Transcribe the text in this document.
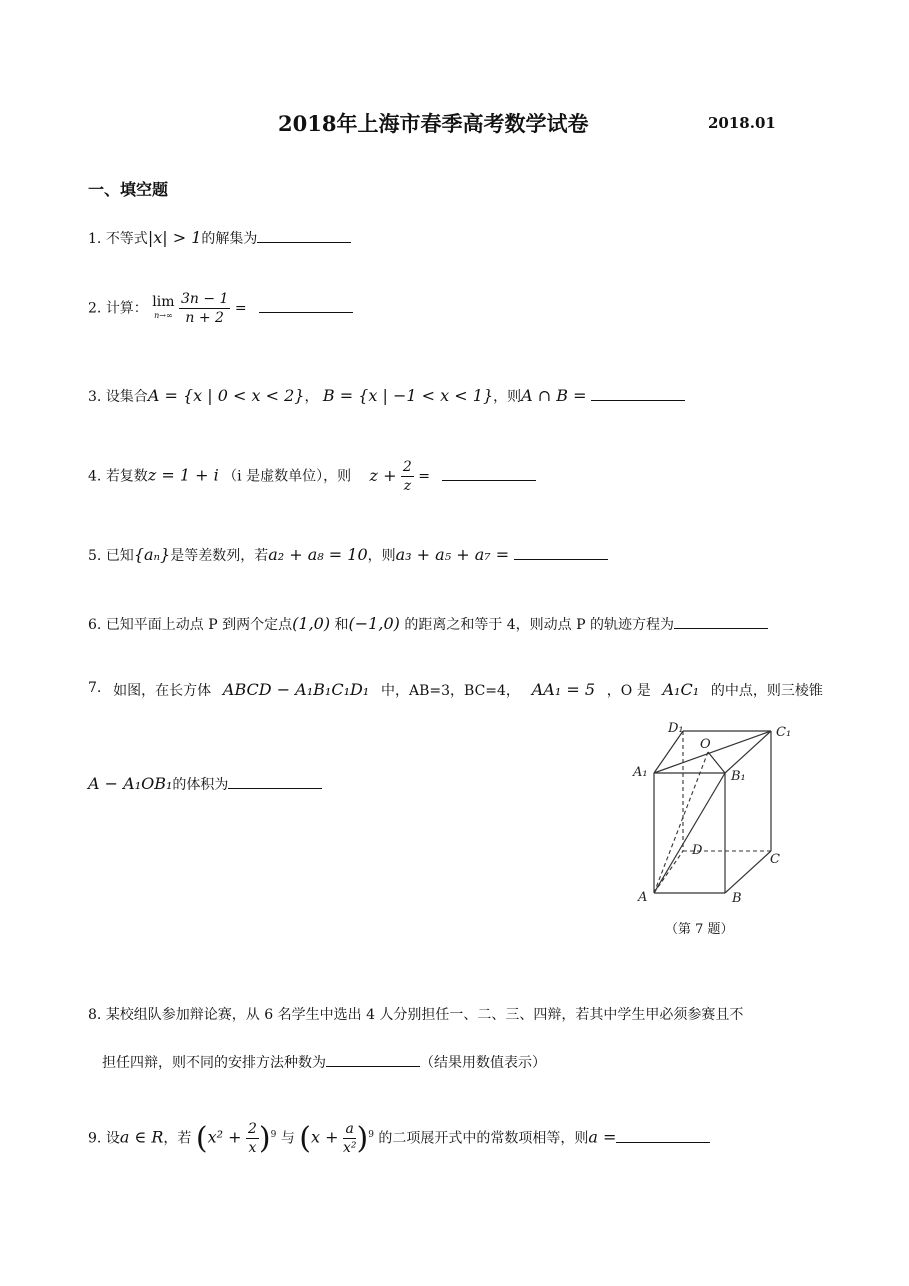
2018年上海市春季高考数学试卷	2018.01
一、填空题
1. 不等式|x| > 1的解集为
2. 计算： lim
n→∞
$\frac{3n - 1}{n + 2}$ =
3. 设集合A = {x | 0 < x < 2}， B = {x | −1 < x < 1}，则A ∩ B =
4. 若复数z = 1 + i （i 是虚数单位），则 $z + \frac{2}{z}$ =
5. 已知{aₙ}是等差数列，若a₂ + a₈ = 10，则a₃ + a₅ + a₇ =
6. 已知平面上动点 P 到两个定点(1,0) 和(−1,0) 的距离之和等于 4，则动点 P 的轨迹方程为
7. 如图，在长方体 ABCD − A₁B₁C₁D₁ 中，AB=3，BC=4， AA₁ = 5 ，O 是 A₁C₁ 的中点，则三棱锥
A − A₁OB₁的体积为
D₁
O
C₁
A₁	B₁
D
C
A	B
（第 7 题）
8. 某校组队参加辩论赛，从 6 名学生中选出 4 人分别担任一、二、三、四辩，若其中学生甲必须参赛且不
担任四辩，则不同的安排方法种数为	（结果用数值表示）
9. 设a ∈ R，若 $(x^2 + \frac{2}{x} )^9$ 与 $(x + \frac{a}{\text{x²}} )^9$ 的二项展开式中的常数项相等，则a =
